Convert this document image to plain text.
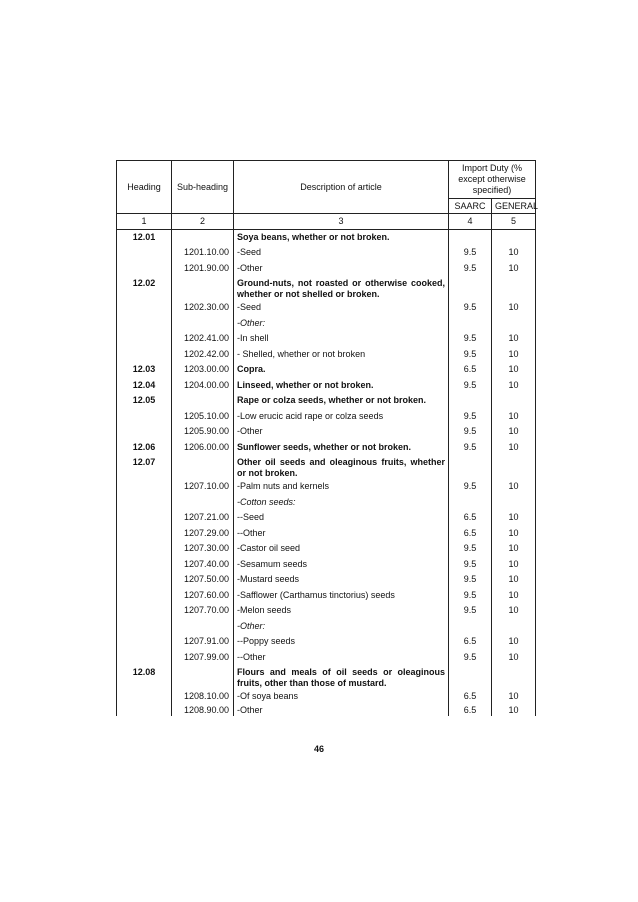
Heading	Sub-heading	Description of article	Import Duty (% except otherwise specified)	
			SAARC	GENERAL
1	2	3	4	5
12.01		Soya beans, whether or not broken.		
	1201.10.00	-Seed	9.5	10
	1201.90.00	-Other	9.5	10
12.02		Ground-nuts, not roasted or otherwise cooked, whether or not shelled or broken.		
	1202.30.00	-Seed	9.5	10
		-Other:		
	1202.41.00	-In shell	9.5	10
	1202.42.00	- Shelled, whether or not broken	9.5	10
12.03	1203.00.00	Copra.	6.5	10
12.04	1204.00.00	Linseed, whether or not broken.	9.5	10
12.05		Rape or colza seeds, whether or not broken.		
	1205.10.00	-Low erucic acid rape or colza seeds	9.5	10
	1205.90.00	-Other	9.5	10
12.06	1206.00.00	Sunflower seeds, whether or not broken.	9.5	10
12.07		Other oil seeds and oleaginous fruits, whether or not broken.		
	1207.10.00	-Palm nuts and kernels	9.5	10
		-Cotton seeds:		
	1207.21.00	--Seed	6.5	10
	1207.29.00	--Other	6.5	10
	1207.30.00	-Castor oil seed	9.5	10
	1207.40.00	-Sesamum seeds	9.5	10
	1207.50.00	-Mustard seeds	9.5	10
	1207.60.00	-Safflower (Carthamus tinctorius) seeds	9.5	10
	1207.70.00	-Melon seeds	9.5	10
		-Other:		
	1207.91.00	--Poppy seeds	6.5	10
	1207.99.00	--Other	9.5	10
12.08		Flours and meals of oil seeds or oleaginous fruits, other than those of mustard.		
	1208.10.00	-Of soya beans	6.5	10
	1208.90.00	-Other	6.5	10
46
